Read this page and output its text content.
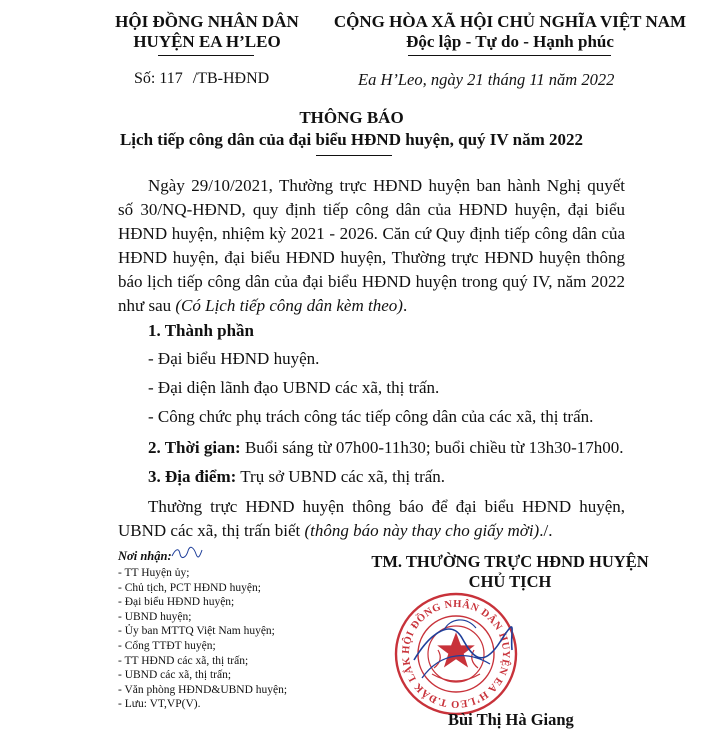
HỘI ĐỒNG NHÂN DÂN
HUYỆN EA H’LEO
Số: 117 /TB-HĐND
CỘNG HÒA XÃ HỘI CHỦ NGHĨA VIỆT NAM
Độc lập - Tự do - Hạnh phúc
Ea H’Leo, ngày 21 tháng 11 năm 2022
THÔNG BÁO
Lịch tiếp công dân của đại biểu HĐND huyện, quý IV năm 2022
Ngày 29/10/2021, Thường trực HĐND huyện ban hành Nghị quyết số 30/NQ-HĐND, quy định tiếp công dân của HĐND huyện, đại biểu HĐND huyện, nhiệm kỳ 2021 - 2026. Căn cứ Quy định tiếp công dân của HĐND huyện, đại biểu HĐND huyện, Thường trực HĐND huyện thông báo lịch tiếp công dân của đại biểu HĐND huyện trong quý IV, năm 2022 như sau (Có Lịch tiếp công dân kèm theo).
1. Thành phần
- Đại biểu HĐND huyện.
- Đại diện lãnh đạo UBND các xã, thị trấn.
- Công chức phụ trách công tác tiếp công dân của các xã, thị trấn.
2. Thời gian: Buổi sáng từ 07h00-11h30; buổi chiều từ 13h30-17h00.
3. Địa điểm: Trụ sở UBND các xã, thị trấn.
Thường trực HĐND huyện thông báo để đại biểu HĐND huyện, UBND các xã, thị trấn biết (thông báo này thay cho giấy mời)./.
Nơi nhận:
- TT Huyện ủy;
- Chủ tịch, PCT HĐND huyện;
- Đại biểu HĐND huyện;
- UBND huyện;
- Ủy ban MTTQ Việt Nam huyện;
- Cổng TTĐT huyện;
- TT HĐND các xã, thị trấn;
- UBND các xã, thị trấn;
- Văn phòng HĐND&UBND huyện;
- Lưu: VT,VP(V).
TM. THƯỜNG TRỰC HĐND HUYỆN
CHỦ TỊCH
HỘI ĐỒNG NHÂN DÂN HUYỆN EA H’LEO T.ĐẮK LẮK
Bùi Thị Hà Giang
